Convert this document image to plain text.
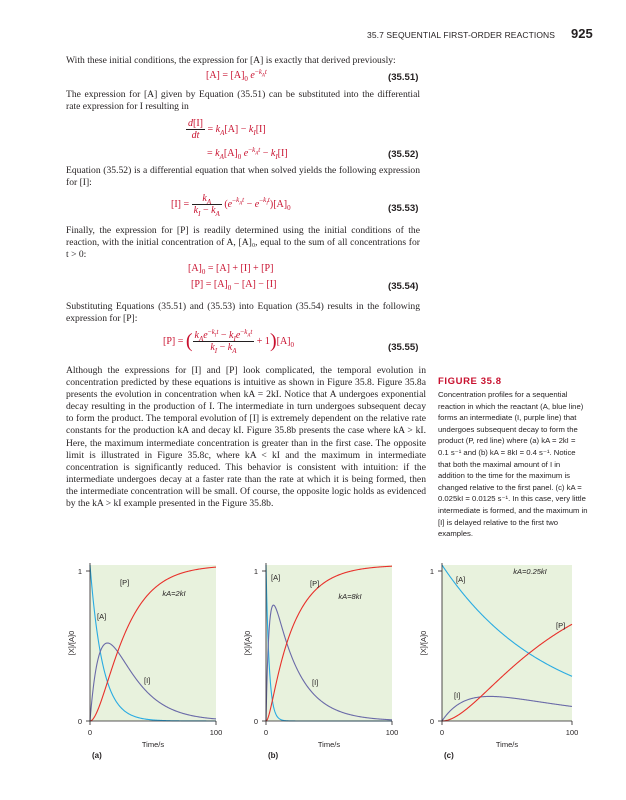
35.7 SEQUENTIAL FIRST-ORDER REACTIONS 925
With these initial conditions, the expression for [A] is exactly that derived previously:
$[A] = [A]_0$ $e^{-k_At}$
(35.51)
The expression for [A] given by Equation (35.51) can be substituted into the differential rate expression for I resulting in
$\frac{d[I]}{dt} = k_A[A] - k_I[I]$
= $k_A[A]_0$ $e^{-k_At} - k_I[I]$	(35.52)
Equation (35.52) is a differential equation that when solved yields the following expression for [I]:
$[I] = \frac{k_A}{k_I - k_A} (e^{-k_At} - e^{-k_It})[A]_0$	(35.53)
Finally, the expression for [P] is readily determined using the initial conditions of the reaction, with the initial concentration of A, [A]₀, equal to the sum of all concentrations for t > 0:
$[A]_0 = [A] + [I] + [P]$
$[P] = [A]_0 - [A] - [I]$	(35.54)
Substituting Equations (35.51) and (35.53) into Equation (35.54) results in the following expression for [P]:
[P] = ( $\frac{k_Ae^{-k_It} - k_Ie^{-k_At}}{k_I - k_A} + 1)[A]_0$	(35.55)
Although the expressions for [I] and [P] look complicated, the temporal evolution in concentration predicted by these equations is intuitive as shown in Figure 35.8. Figure 35.8a presents the evolution in concentration when kA = 2kI. Notice that A undergoes exponential decay resulting in the production of I. The intermediate in turn undergoes subsequent decay to form the product. The temporal evolution of [I] is extremely dependent on the relative rate constants for the production kA and decay kI. Figure 35.8b presents the case where kA > kI. Here, the maximum intermediate concentration is greater than in the first case. The opposite limit is illustrated in Figure 35.8c, where kA < kI and the maximum in intermediate concentration is significantly reduced. This behavior is consistent with intuition: if the intermediate undergoes decay at a faster rate than the rate at which it is being formed, then the intermediate concentration will be small. Of course, the opposite logic holds as evidenced by the kA > kI example presented in the Figure 35.8b.
FIGURE 35.8
Concentration profiles for a sequential reaction in which the reactant (A, blue line) forms an intermediate (I, purple line) that undergoes subsequent decay to form the product (P, red line) where (a) kA = 2kI = 0.1 s⁻¹ and (b) kA = 8kI = 0.4 s⁻¹. Notice that both the maximal amount of I in addition to the time for the maximum is changed relative to the first panel. (c) kA = 0.025kI = 0.0125 s⁻¹. In this case, very little intermediate is formed, and the maximum in [I] is delayed relative to the first two examples.
1
0
0	100
Time/s
[X]/[A]0
[A]
[I]
[P]
kA=2kI
(a)
1
0
0	100
Time/s
[X]/[A]0
[A]
[I]
[P]
kA=8kI
(b)
1
0
0	100
Time/s
[X]/[A]0
[A]
[I]
[P]
kA=0.25kI
(c)
